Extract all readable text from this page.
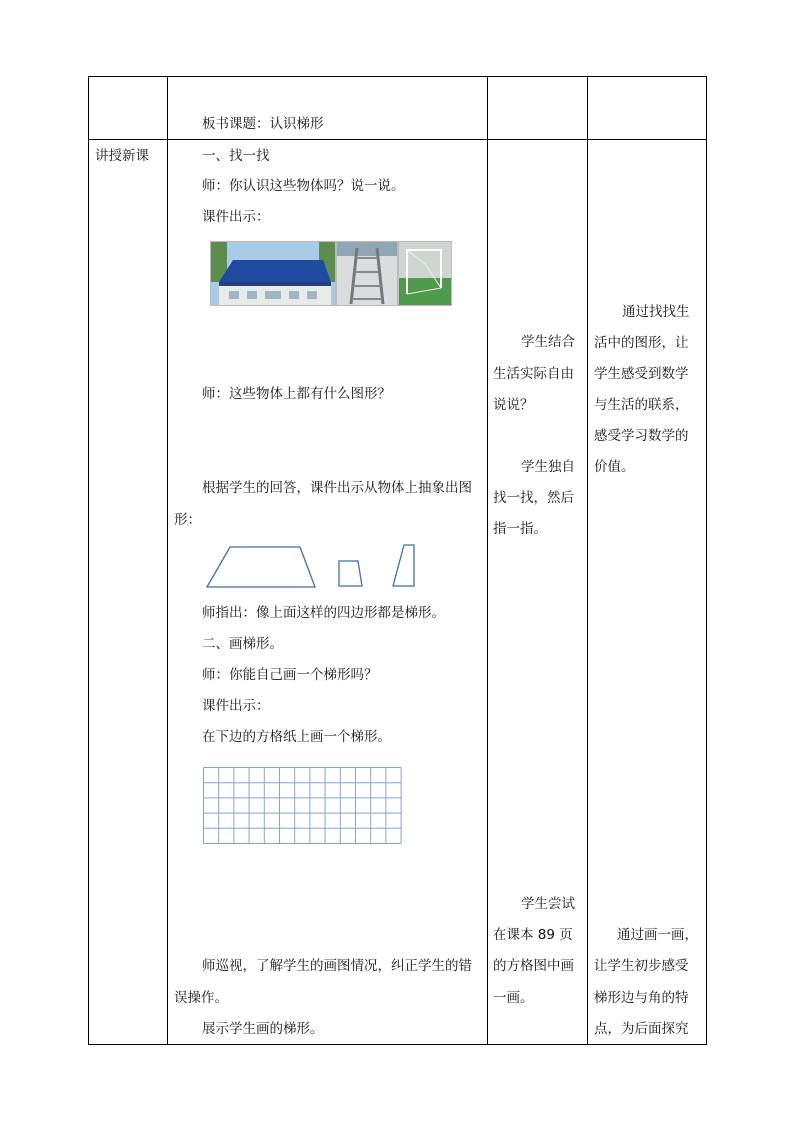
板书课题：认识梯形
讲授新课	一、找一找
师：你认识这些物体吗？说一说。
课件出示：
师：这些物体上都有什么图形？
根据学生的回答，课件出示从物体上抽象出图
形：
师指出：像上面这样的四边形都是梯形。
二、画梯形。
师：你能自己画一个梯形吗？
课件出示：
在下边的方格纸上画一个梯形。
师巡视，了解学生的画图情况，纠正学生的错
误操作。
展示学生画的梯形。
学生结合
生活实际自由
说说？
学生独自
找一找，然后
指一指。
学生尝试
在课本 89 页
的方格图中画
一画。
通过找找生
活中的图形，让
学生感受到数学
与生活的联系，
感受学习数学的
价值。
通过画一画，
让学生初步感受
梯形边与角的特
点，为后面探究
